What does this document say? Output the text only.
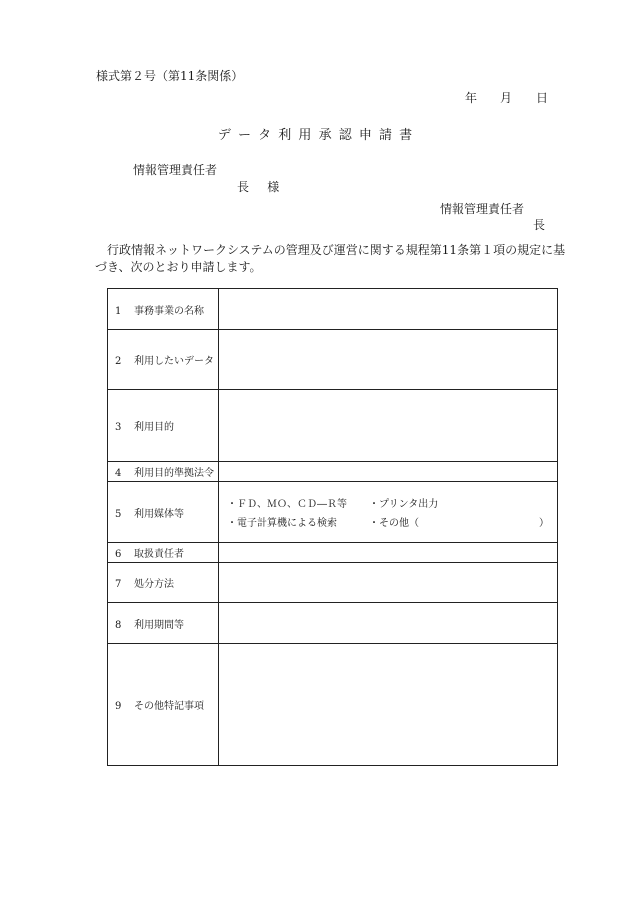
様式第２号（第11条関係）
年 月 日
データ利用承認申請書
情報管理責任者
長 様
情報管理責任者
長
行政情報ネットワークシステムの管理及び運営に関する規程第11条第１項の規定に基づき、次のとおり申請します。
1 事務事業の名称	
2 利用したいデータ	
3 利用目的	
4 利用目的準拠法令	
5 利用媒体等	・ＦＤ、ＭＯ、ＣＤ―Ｒ等 ・プリンタ出力
・電子計算機による検索 ・その他（ ）

6 取扱責任者	
7 処分方法	
8 利用期間等	
9 その他特記事項	
